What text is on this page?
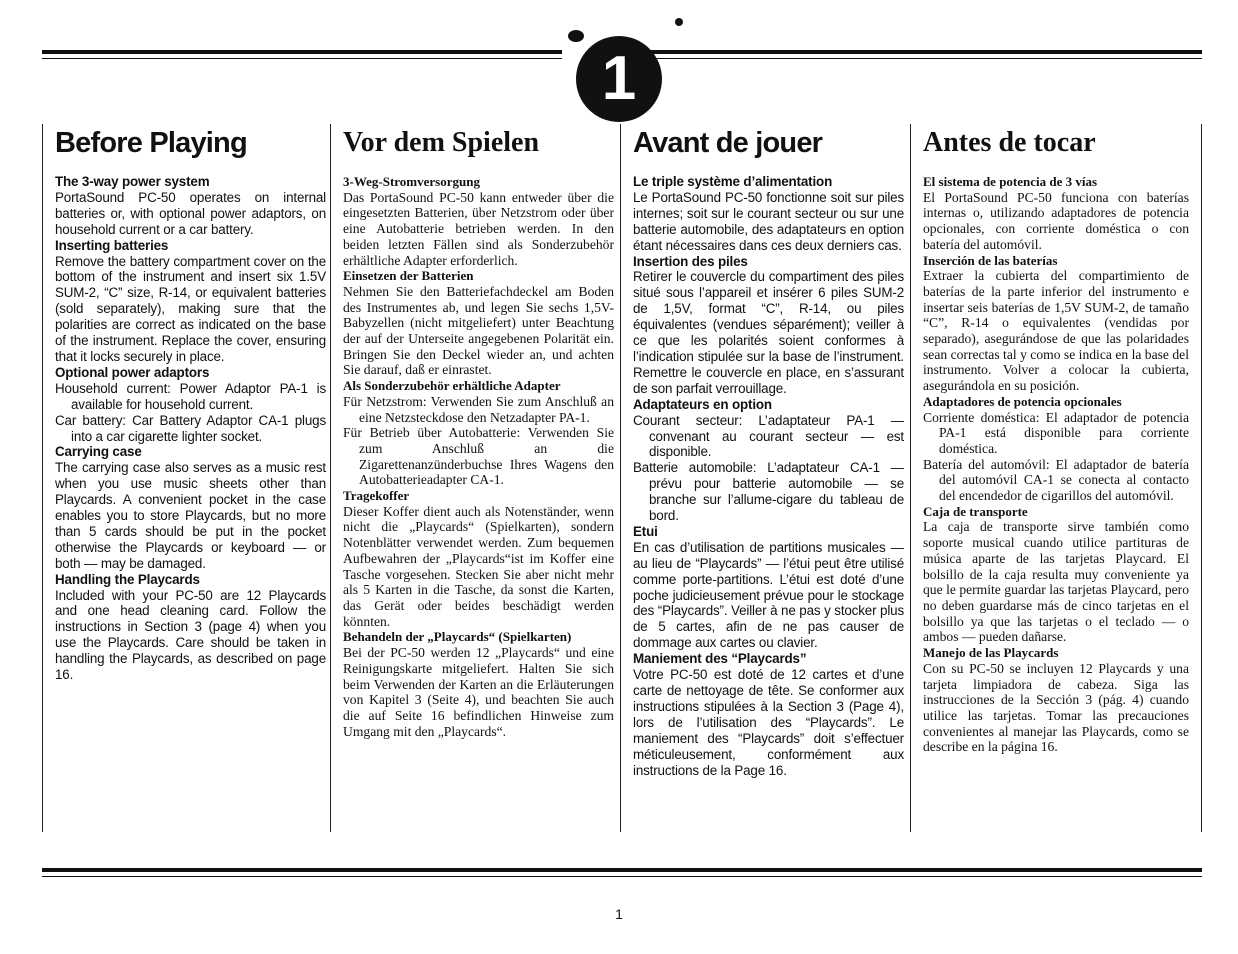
1
Before Playing

The 3-way power system

PortaSound PC-50 operates on internal batteries or, with optional power adaptors, on household current or a car battery.

Inserting batteries

Remove the battery compartment cover on the bottom of the instrument and insert six 1.5V SUM-2, “C” size, R-14, or equivalent batteries (sold separately), making sure that the polarities are correct as indicated on the base of the instrument. Replace the cover, ensuring that it locks securely in place.

Optional power adaptors

Household current: Power Adaptor PA-1 is available for household current.

Car battery: Car Battery Adaptor CA-1 plugs into a car cigarette lighter socket.

Carrying case

The carrying case also serves as a music rest when you use music sheets other than Playcards. A convenient pocket in the case enables you to store Playcards, but no more than 5 cards should be put in the pocket otherwise the Playcards or keyboard — or both — may be damaged.

Handling the Playcards

Included with your PC-50 are 12 Playcards and one head cleaning card. Follow the instructions in Section 3 (page 4) when you use the Playcards. Care should be taken in handling the Playcards, as described on page 16.

Vor dem Spielen

3-Weg-Stromversorgung

Das PortaSound PC-50 kann entweder über die eingesetzten Batterien, über Netzstrom oder über eine Autobatterie betrieben werden. In den beiden letzten Fällen sind als Sonderzubehör erhältliche Adapter erforderlich.

Einsetzen der Batterien

Nehmen Sie den Batteriefachdeckel am Boden des Instrumentes ab, und legen Sie sechs 1,5V-Babyzellen (nicht mitgeliefert) unter Beachtung der auf der Unterseite angegebenen Polarität ein. Bringen Sie den Deckel wieder an, und achten Sie darauf, daß er einrastet.

Als Sonderzubehör erhältliche Adapter

Für Netzstrom: Verwenden Sie zum Anschluß an eine Netzsteckdose den Netzadapter PA-1.

Für Betrieb über Autobatterie: Verwenden Sie zum Anschluß an die Zigarettenanzünderbuchse Ihres Wagens den Autobatterieadapter CA-1.

Tragekoffer

Dieser Koffer dient auch als Notenständer, wenn nicht die „Playcards“ (Spielkarten), sondern Notenblätter verwendet werden. Zum bequemen Aufbewahren der „Playcards“ist im Koffer eine Tasche vorgesehen. Stecken Sie aber nicht mehr als 5 Karten in die Tasche, da sonst die Karten, das Gerät oder beides beschädigt werden könnten.

Behandeln der „Playcards“ (Spielkarten)

Bei der PC-50 werden 12 „Playcards“ und eine Reinigungskarte mitgeliefert. Halten Sie sich beim Verwenden der Karten an die Erläuterungen von Kapitel 3 (Seite 4), und beachten Sie auch die auf Seite 16 befindlichen Hinweise zum Umgang mit den „Playcards“.

Avant de jouer

Le triple système d’alimentation

Le PortaSound PC-50 fonctionne soit sur piles internes; soit sur le courant secteur ou sur une batterie automobile, des adaptateurs en option étant nécessaires dans ces deux derniers cas.

Insertion des piles

Retirer le couvercle du compartiment des piles situé sous l’appareil et insérer 6 piles SUM-2 de 1,5V, format “C”, R-14, ou piles équivalentes (vendues séparément); veiller à ce que les polarités soient conformes à l’indication stipulée sur la base de l’instrument. Remettre le couvercle en place, en s’assurant de son parfait verrouillage.

Adaptateurs en option

Courant secteur: L’adaptateur PA-1 — convenant au courant secteur — est disponible.

Batterie automobile: L’adaptateur CA-1 — prévu pour batterie automobile — se branche sur l’allume-cigare du tableau de bord.

Etui

En cas d’utilisation de partitions musicales — au lieu de “Playcards” — l’étui peut être utilisé comme porte-partitions. L’étui est doté d’une poche judicieusement prévue pour le stockage des “Playcards”. Veiller à ne pas y stocker plus de 5 cartes, afin de ne pas causer de dommage aux cartes ou clavier.

Maniement des “Playcards”

Votre PC-50 est doté de 12 cartes et d’une carte de nettoyage de tête. Se conformer aux instructions stipulées à la Section 3 (Page 4), lors de l’utilisation des “Playcards”. Le maniement des “Playcards” doit s’effectuer méticuleusement, conformément aux instructions de la Page 16.

Antes de tocar

El sistema de potencia de 3 vías

El PortaSound PC-50 funciona con baterías internas o, utilizando adaptadores de potencia opcionales, con corriente doméstica o con batería del automóvil.

Inserción de las baterías

Extraer la cubierta del compartimiento de baterías de la parte inferior del instrumento e insertar seis baterías de 1,5V SUM-2, de tamaño “C”, R-14 o equivalentes (vendidas por separado), asegurándose de que las polaridades sean correctas tal y como se indica en la base del instrumento. Volver a colocar la cubierta, asegurándola en su posición.

Adaptadores de potencia opcionales

Corriente doméstica: El adaptador de potencia PA-1 está disponible para corriente doméstica.

Batería del automóvil: El adaptador de batería del automóvil CA-1 se conecta al contacto del encendedor de cigarillos del automóvil.

Caja de transporte

La caja de transporte sirve también como soporte musical cuando utilice partituras de música aparte de las tarjetas Playcard. El bolsillo de la caja resulta muy conveniente ya que le permite guardar las tarjetas Playcard, pero no deben guardarse más de cinco tarjetas en el bolsillo ya que las tarjetas o el teclado — o ambos — pueden dañarse.

Manejo de las Playcards

Con su PC-50 se incluyen 12 Playcards y una tarjeta limpiadora de cabeza. Siga las instrucciones de la Sección 3 (pág. 4) cuando utilice las tarjetas. Tomar las precauciones convenientes al manejar las Playcards, como se describe en la página 16.

1
